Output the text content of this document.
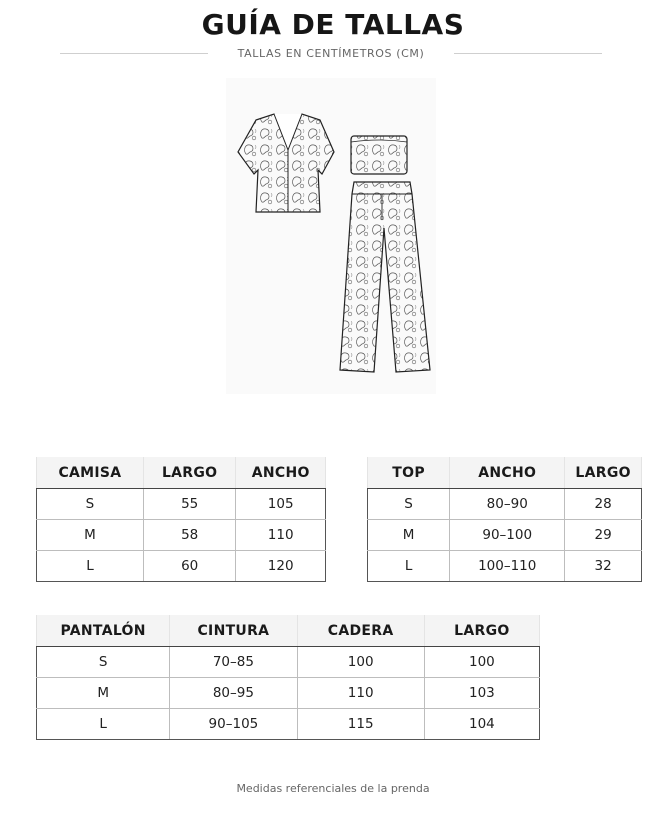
GUÍA DE TALLAS
TALLAS EN CENTÍMETROS (CM)
CAMISA	LARGO	ANCHO
S	55	105
M	58	110
L	60	120
TOP	ANCHO	LARGO
S	80–90	28
M	90–100	29
L	100–110	32
PANTALÓN	CINTURA	CADERA	LARGO
S	70–85	100	100
M	80–95	110	103
L	90–105	115	104
Medidas referenciales de la prenda
